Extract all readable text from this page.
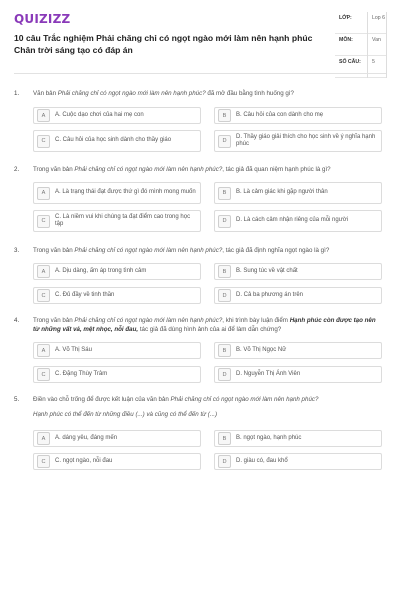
QUIZIZZ
10 câu Trắc nghiệm Phải chăng chỉ có ngọt ngào mới làm nên hạnh phúc Chân trời sáng tạo có đáp án
LỚP:	Lop 6
MÔN:	Van
SỐ CÂU: 5
1. Văn bản Phải chăng chỉ có ngọt ngào mới làm nên hạnh phúc? đã mở đầu bằng tình huống gì?
A	A. Cuộc dạo chơi của hai mẹ con	B	B. Câu hỏi của con dành cho mẹ
C	C. Câu hỏi của học sinh dành cho thầy giáo	D
D. Thầy giáo giải thích cho học sinh về ý nghĩa hạnh phúc
2. Trong văn bản Phải chăng chỉ có ngọt ngào mới làm nên hạnh phúc?, tác giả đã quan niệm hạnh phúc là gì?
A	A. Là trạng thái đạt được thứ gì đó mình mong muốn	B	B. Là cảm giác khi gặp người thân
C
C. Là niềm vui khi chúng ta đạt điểm cao trong học tập	D	D. Là cách cảm nhận riêng của mỗi người
3. Trong văn bản Phải chăng chỉ có ngọt ngào mới làm nên hạnh phúc?, tác giả đã định nghĩa ngọt ngào là gì?
A	A. Dịu dàng, ấm áp trong tình cảm	B	B. Sung túc về vật chất
C	C. Đủ đầy về tinh thần	D	D. Cả ba phương án trên
4. Trong văn bản Phải chăng chỉ có ngọt ngào mới làm nên hạnh phúc?, khi trình bày luận điểm Hạnh phúc còn được tạo nên từ những vất vả, mệt nhọc, nỗi đau, tác giả đã dùng hình ảnh của ai để làm dẫn chứng?
A	A. Võ Thị Sáu	B	B. Võ Thị Ngọc Nữ
C	C. Đặng Thùy Trâm	D	D. Nguyễn Thị Ánh Viên
5. Điền vào chỗ trống để được kết luận của văn bản Phải chăng chỉ có ngọt ngào mới làm nên hạnh phúc?
Hạnh phúc có thể đến từ những điều (...) và cũng có thể đến từ (...)
A	A. dáng yêu, đáng mến	B	B. ngọt ngào, hạnh phúc
C	C. ngọt ngào, nỗi đau	D	D. giàu có, đau khổ
